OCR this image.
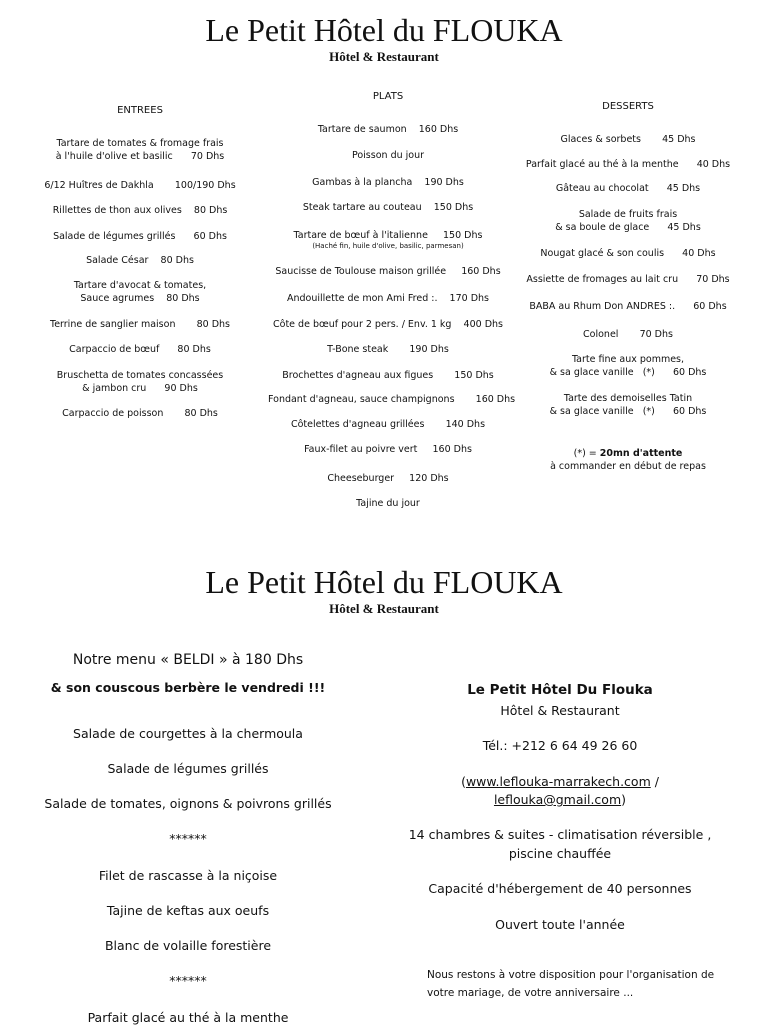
Le Petit Hôtel du FLOUKA
Hôtel & Restaurant
ENTREES
Tartare de tomates & fromage frais
à l'huile d'olive et basilic      70 Dhs
6/12 Huîtres de Dakhla       100/190 Dhs
Rillettes de thon aux olives    80 Dhs
Salade de légumes grillés      60 Dhs
Salade César    80 Dhs
Tartare d'avocat & tomates,
Sauce agrumes    80 Dhs
Terrine de sanglier maison       80 Dhs
Carpaccio de bœuf      80 Dhs
Bruschetta de tomates concassées
& jambon cru      90 Dhs
Carpaccio de poisson       80 Dhs
PLATS
Tartare de saumon    160 Dhs
Poisson du jour
Gambas à la plancha    190 Dhs
Steak tartare au couteau    150 Dhs
Tartare de bœuf à l'italienne     150 Dhs
(Haché fin, huile d'olive, basilic, parmesan)
Saucisse de Toulouse maison grillée     160 Dhs
Andouillette de mon Ami Fred :.    170 Dhs
Côte de bœuf pour 2 pers. / Env. 1 kg    400 Dhs
T-Bone steak       190 Dhs
Brochettes d'agneau aux figues       150 Dhs
Fondant d'agneau, sauce champignons       160 Dhs
Côtelettes d'agneau grillées       140 Dhs
Faux-filet au poivre vert     160 Dhs
Cheeseburger     120 Dhs
Tajine du jour
DESSERTS
Glaces & sorbets       45 Dhs
Parfait glacé au thé à la menthe      40 Dhs
Gâteau au chocolat      45 Dhs
Salade de fruits frais
& sa boule de glace      45 Dhs
Nougat glacé & son coulis      40 Dhs
Assiette de fromages au lait cru      70 Dhs
BABA au Rhum Don ANDRES :.      60 Dhs
Colonel       70 Dhs
Tarte fine aux pommes,
& sa glace vanille   (*)      60 Dhs
Tarte des demoiselles Tatin
& sa glace vanille   (*)      60 Dhs
(*) = 20mn d'attente
à commander en début de repas
Le Petit Hôtel du FLOUKA
Hôtel & Restaurant
Notre menu « BELDI » à 180 Dhs
& son couscous berbère le vendredi !!!
Salade de courgettes à la chermoula
Salade de légumes grillés
Salade de tomates, oignons & poivrons grillés
******
Filet de rascasse à la niçoise
Tajine de keftas aux oeufs
Blanc de volaille forestière
******
Parfait glacé au thé à la menthe
Le Petit Hôtel Du Flouka
Hôtel & Restaurant
Tél.: +212 6 64 49 26 60
(www.leflouka-marrakech.com /
leflouka@gmail.com)
14 chambres & suites - climatisation réversible ,
piscine chauffée
Capacité d'hébergement de 40 personnes
Ouvert toute l'année
Nous restons à votre disposition pour l'organisation de
votre mariage, de votre anniversaire ...
